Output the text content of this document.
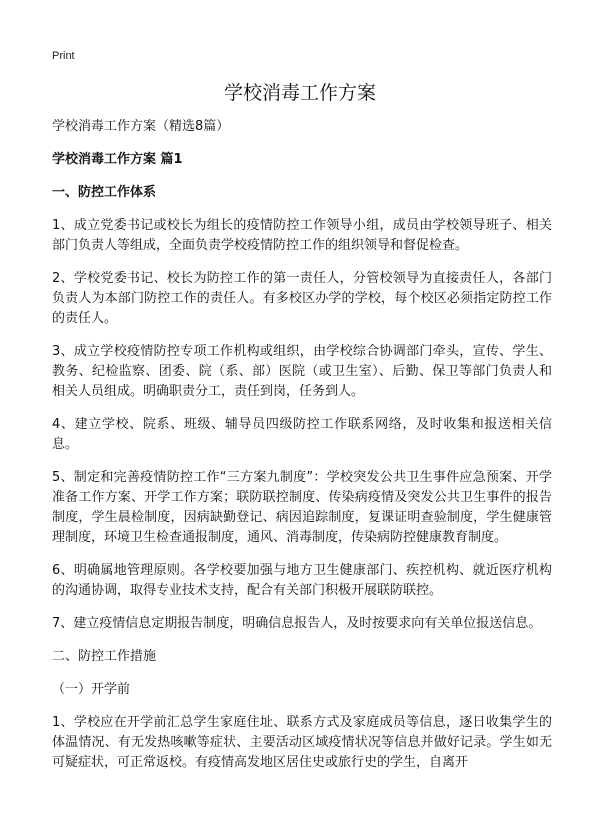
Print
学校消毒工作方案

学校消毒工作方案（精选8篇）

学校消毒工作方案 篇1

一、防控工作体系

1、成立党委书记或校长为组长的疫情防控工作领导小组，成员由学校领导班子、相关部门负责人等组成，全面负责学校疫情防控工作的组织领导和督促检查。

2、学校党委书记、校长为防控工作的第一责任人，分管校领导为直接责任人，各部门负责人为本部门防控工作的责任人。有多校区办学的学校，每个校区必须指定防控工作的责任人。

3、成立学校疫情防控专项工作机构或组织，由学校综合协调部门牵头，宣传、学生、教务、纪检监察、团委、院（系、部）医院（或卫生室）、后勤、保卫等部门负责人和相关人员组成。明确职责分工，责任到岗，任务到人。

4、建立学校、院系、班级、辅导员四级防控工作联系网络，及时收集和报送相关信息。

5、制定和完善疫情防控工作“三方案九制度”：学校突发公共卫生事件应急预案、开学准备工作方案、开学工作方案；联防联控制度、传染病疫情及突发公共卫生事件的报告制度，学生晨检制度，因病缺勤登记、病因追踪制度，复课证明查验制度，学生健康管理制度，环境卫生检查通报制度，通风、消毒制度，传染病防控健康教育制度。

6、明确属地管理原则。各学校要加强与地方卫生健康部门、疾控机构、就近医疗机构的沟通协调，取得专业技术支持，配合有关部门积极开展联防联控。

7、建立疫情信息定期报告制度，明确信息报告人，及时按要求向有关单位报送信息。

二、防控工作措施

（一）开学前

1、学校应在开学前汇总学生家庭住址、联系方式及家庭成员等信息，逐日收集学生的体温情况、有无发热咳嗽等症状、主要活动区域疫情状况等信息并做好记录。学生如无可疑症状，可正常返校。有疫情高发地区居住史或旅行史的学生，自离开
